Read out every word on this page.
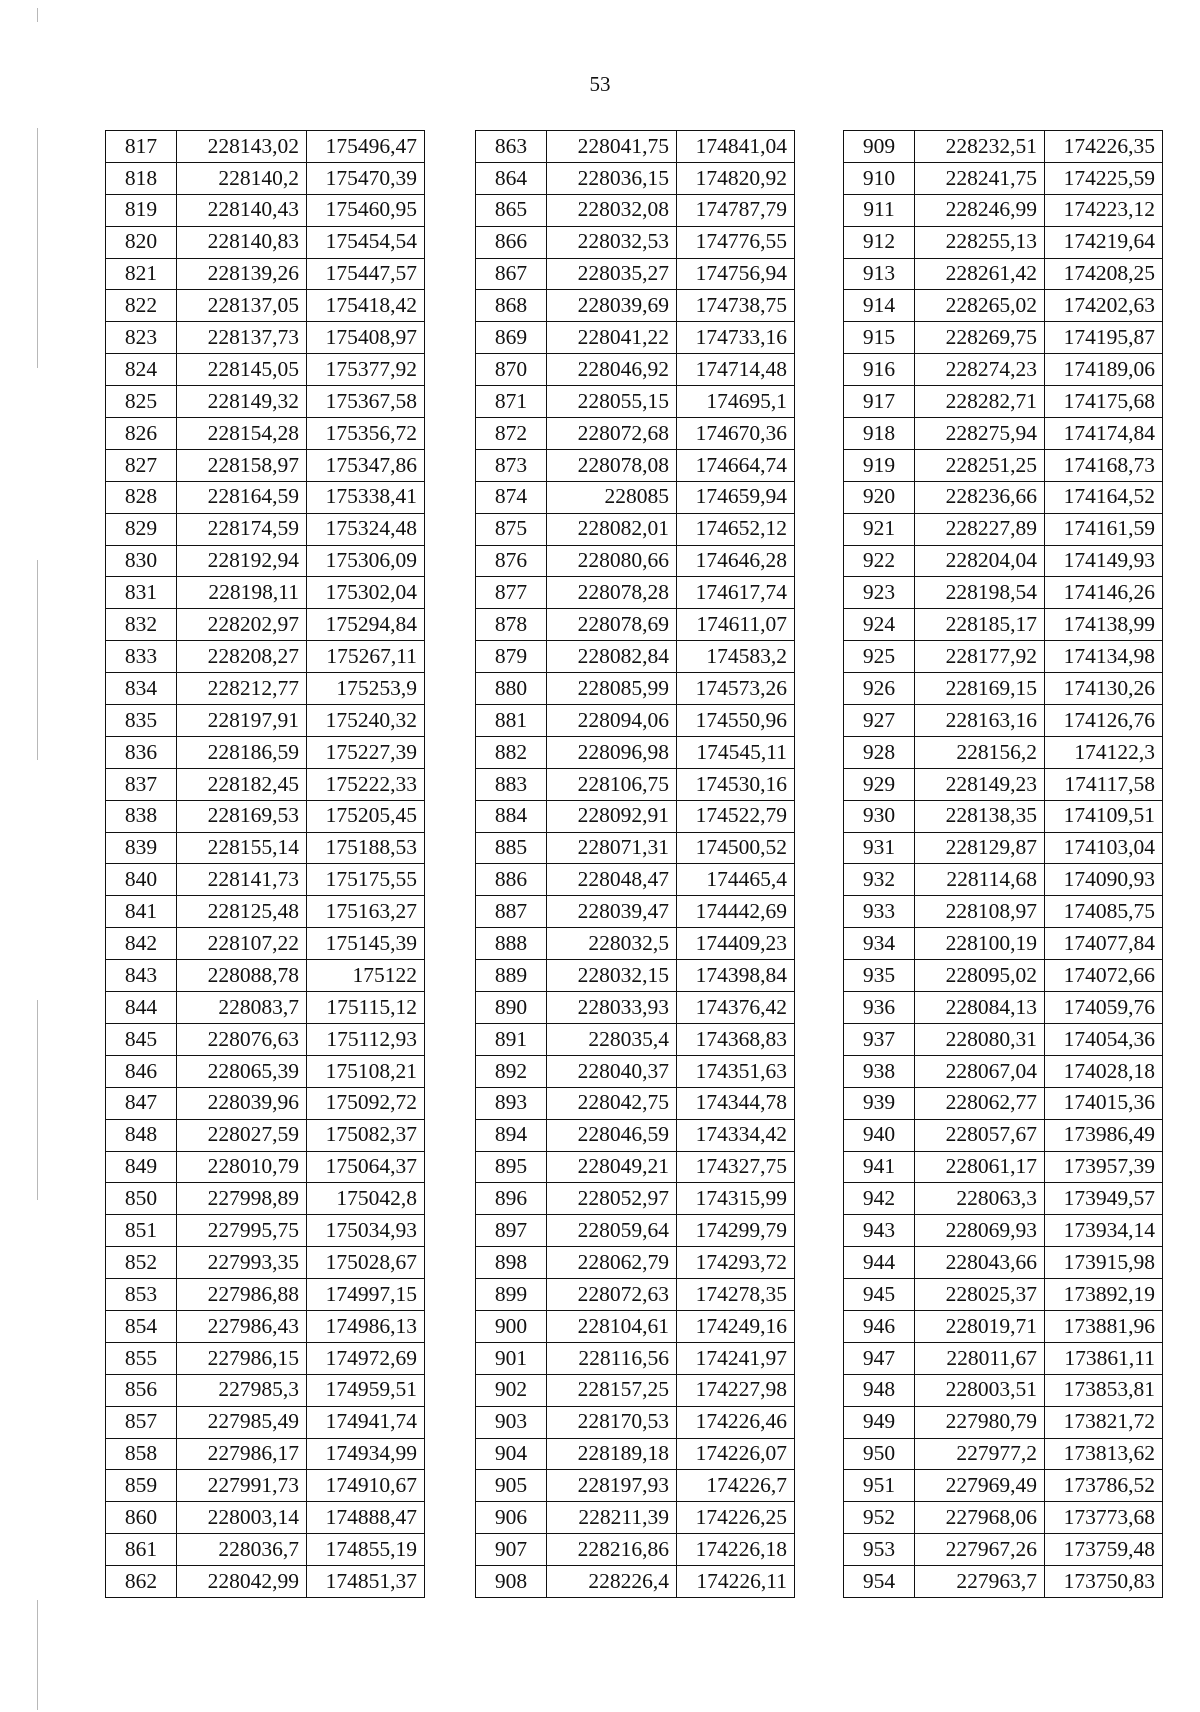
53
817	228143,02	175496,47
818	228140,2	175470,39
819	228140,43	175460,95
820	228140,83	175454,54
821	228139,26	175447,57
822	228137,05	175418,42
823	228137,73	175408,97
824	228145,05	175377,92
825	228149,32	175367,58
826	228154,28	175356,72
827	228158,97	175347,86
828	228164,59	175338,41
829	228174,59	175324,48
830	228192,94	175306,09
831	228198,11	175302,04
832	228202,97	175294,84
833	228208,27	175267,11
834	228212,77	175253,9
835	228197,91	175240,32
836	228186,59	175227,39
837	228182,45	175222,33
838	228169,53	175205,45
839	228155,14	175188,53
840	228141,73	175175,55
841	228125,48	175163,27
842	228107,22	175145,39
843	228088,78	175122
844	228083,7	175115,12
845	228076,63	175112,93
846	228065,39	175108,21
847	228039,96	175092,72
848	228027,59	175082,37
849	228010,79	175064,37
850	227998,89	175042,8
851	227995,75	175034,93
852	227993,35	175028,67
853	227986,88	174997,15
854	227986,43	174986,13
855	227986,15	174972,69
856	227985,3	174959,51
857	227985,49	174941,74
858	227986,17	174934,99
859	227991,73	174910,67
860	228003,14	174888,47
861	228036,7	174855,19
862	228042,99	174851,37
863	228041,75	174841,04
864	228036,15	174820,92
865	228032,08	174787,79
866	228032,53	174776,55
867	228035,27	174756,94
868	228039,69	174738,75
869	228041,22	174733,16
870	228046,92	174714,48
871	228055,15	174695,1
872	228072,68	174670,36
873	228078,08	174664,74
874	228085	174659,94
875	228082,01	174652,12
876	228080,66	174646,28
877	228078,28	174617,74
878	228078,69	174611,07
879	228082,84	174583,2
880	228085,99	174573,26
881	228094,06	174550,96
882	228096,98	174545,11
883	228106,75	174530,16
884	228092,91	174522,79
885	228071,31	174500,52
886	228048,47	174465,4
887	228039,47	174442,69
888	228032,5	174409,23
889	228032,15	174398,84
890	228033,93	174376,42
891	228035,4	174368,83
892	228040,37	174351,63
893	228042,75	174344,78
894	228046,59	174334,42
895	228049,21	174327,75
896	228052,97	174315,99
897	228059,64	174299,79
898	228062,79	174293,72
899	228072,63	174278,35
900	228104,61	174249,16
901	228116,56	174241,97
902	228157,25	174227,98
903	228170,53	174226,46
904	228189,18	174226,07
905	228197,93	174226,7
906	228211,39	174226,25
907	228216,86	174226,18
908	228226,4	174226,11
909	228232,51	174226,35
910	228241,75	174225,59
911	228246,99	174223,12
912	228255,13	174219,64
913	228261,42	174208,25
914	228265,02	174202,63
915	228269,75	174195,87
916	228274,23	174189,06
917	228282,71	174175,68
918	228275,94	174174,84
919	228251,25	174168,73
920	228236,66	174164,52
921	228227,89	174161,59
922	228204,04	174149,93
923	228198,54	174146,26
924	228185,17	174138,99
925	228177,92	174134,98
926	228169,15	174130,26
927	228163,16	174126,76
928	228156,2	174122,3
929	228149,23	174117,58
930	228138,35	174109,51
931	228129,87	174103,04
932	228114,68	174090,93
933	228108,97	174085,75
934	228100,19	174077,84
935	228095,02	174072,66
936	228084,13	174059,76
937	228080,31	174054,36
938	228067,04	174028,18
939	228062,77	174015,36
940	228057,67	173986,49
941	228061,17	173957,39
942	228063,3	173949,57
943	228069,93	173934,14
944	228043,66	173915,98
945	228025,37	173892,19
946	228019,71	173881,96
947	228011,67	173861,11
948	228003,51	173853,81
949	227980,79	173821,72
950	227977,2	173813,62
951	227969,49	173786,52
952	227968,06	173773,68
953	227967,26	173759,48
954	227963,7	173750,83
